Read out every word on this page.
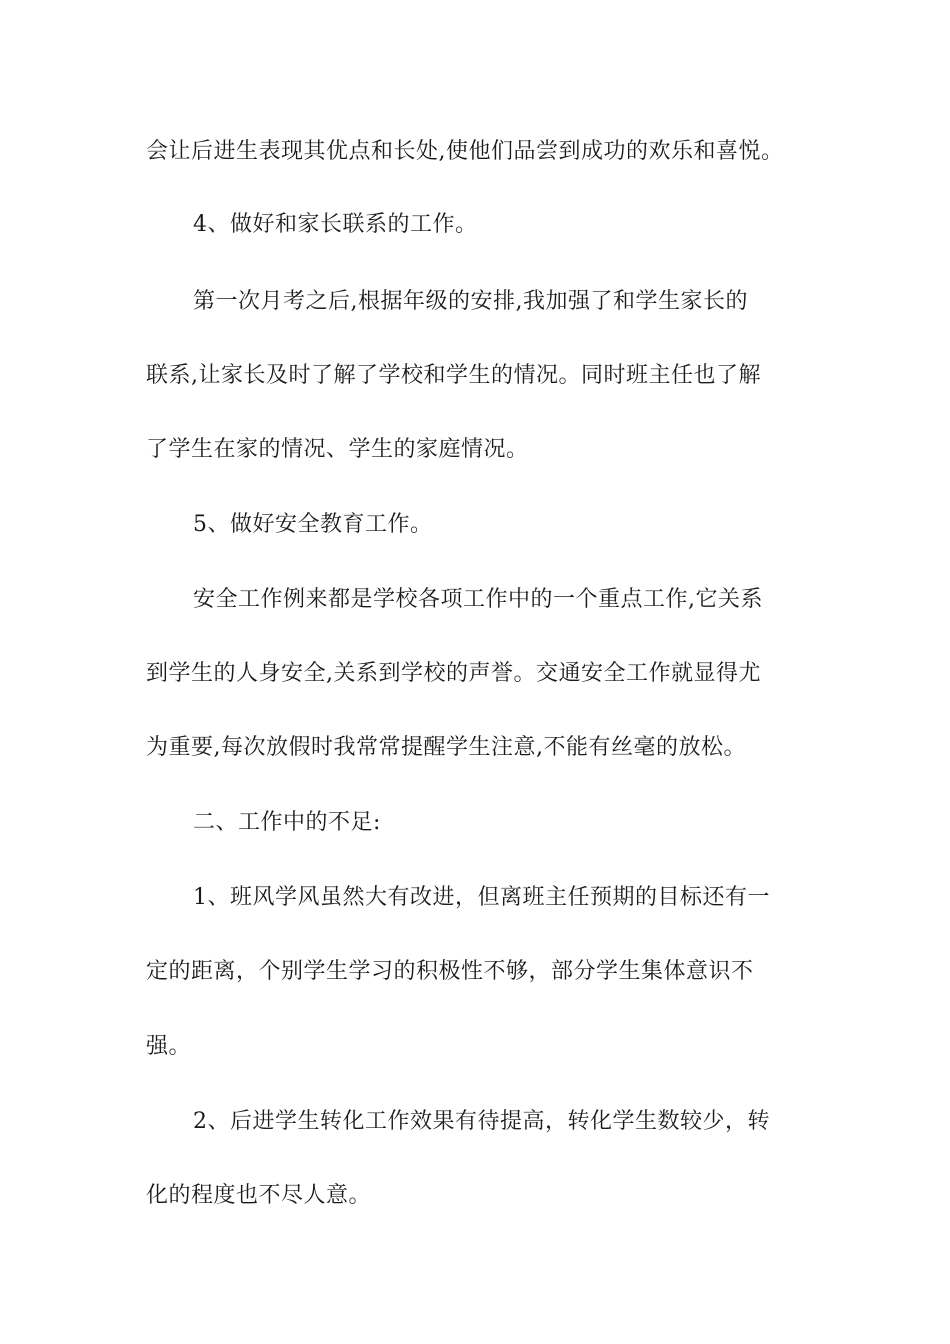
会让后进生表现其优点和长处,使他们品尝到成功的欢乐和喜悦。
4、做好和家长联系的工作。
第一次月考之后,根据年级的安排,我加强了和学生家长的
联系,让家长及时了解了学校和学生的情况。同时班主任也了解
了学生在家的情况、学生的家庭情况。
5、做好安全教育工作。
安全工作例来都是学校各项工作中的一个重点工作,它关系
到学生的人身安全,关系到学校的声誉。交通安全工作就显得尤
为重要,每次放假时我常常提醒学生注意,不能有丝毫的放松。
二、工作中的不足:
1、班风学风虽然大有改进，但离班主任预期的目标还有一
定的距离，个别学生学习的积极性不够，部分学生集体意识不
强。
2、后进学生转化工作效果有待提高，转化学生数较少，转
化的程度也不尽人意。
